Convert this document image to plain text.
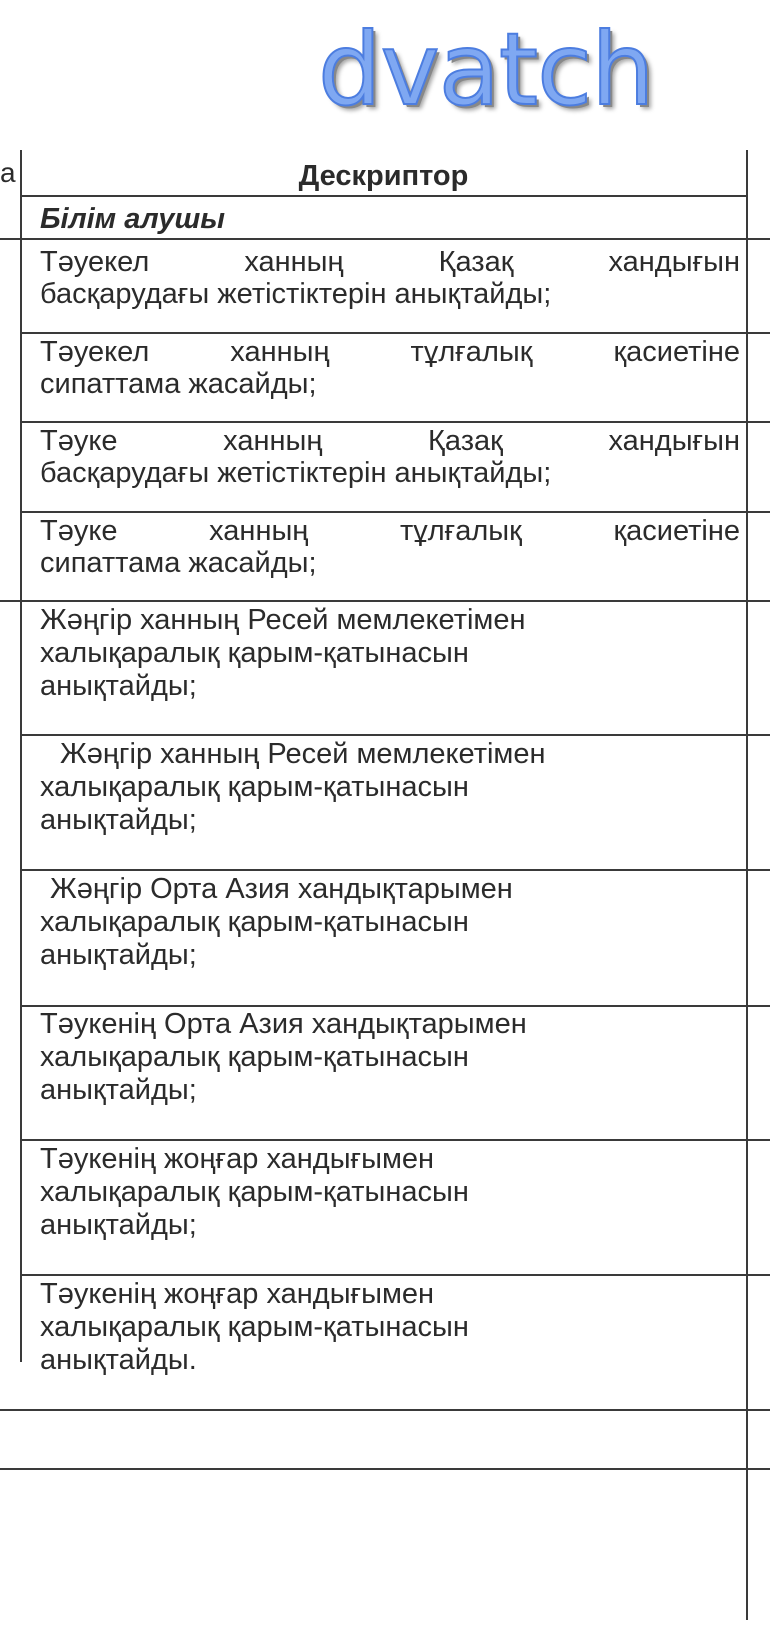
dvatch
а	Дескриптор
Білім алушы
Тәуекел ханның Қазақ хандығын
басқарудағы жетістіктерін анықтайды;
Тәуекел ханның тұлғалық қасиетіне
сипаттама жасайды;
Тәуке ханның Қазақ хандығын
басқарудағы жетістіктерін анықтайды;
Тәуке ханның тұлғалық қасиетіне
сипаттама жасайды;
Жәңгір ханның Ресей мемлекетімен
халықаралық қарым-қатынасын
анықтайды;
Жәңгір ханның Ресей мемлекетімен
халықаралық қарым-қатынасын
анықтайды;
Жәңгір Орта Азия хандықтарымен
халықаралық қарым-қатынасын
анықтайды;
Тәукенің Орта Азия хандықтарымен
халықаралық қарым-қатынасын
анықтайды;
Тәукенің жоңғар хандығымен
халықаралық қарым-қатынасын
анықтайды;
Тәукенің жоңғар хандығымен
халықаралық қарым-қатынасын
анықтайды.
